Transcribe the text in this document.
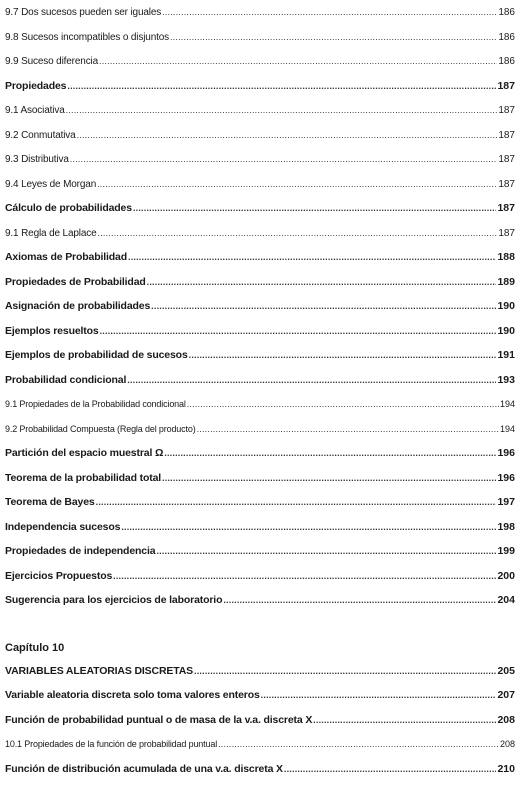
9.7 Dos sucesos pueden ser iguales .....	186
9.8 Sucesos incompatibles o disjuntos .....	186
9.9 Suceso diferencia .....	186
Propiedades .....	187
9.1 Asociativa .....	187
9.2 Conmutativa .....	187
9.3 Distributiva .....	187
9.4 Leyes de Morgan .....	187
Cálculo de probabilidades .....	187
9.1 Regla de Laplace .....	187
Axiomas de Probabilidad .....	188
Propiedades de Probabilidad .....	189
Asignación de probabilidades .....	190
Ejemplos resueltos .....	190
Ejemplos de probabilidad de sucesos .....	191
Probabilidad condicional .....	193
9.1 Propiedades de la Probabilidad condicional .....	194
9.2 Probabilidad Compuesta (Regla del producto) .....	194
Partición del espacio muestral Ω .....	196
Teorema de la probabilidad total .....	196
Teorema de Bayes .....	197
Independencia sucesos .....	198
Propiedades de independencia .....	199
Ejercicios Propuestos .....	200
Sugerencia para los ejercicios de laboratorio .....	204
Capítulo 10
VARIABLES ALEATORIAS DISCRETAS .....	205
Variable aleatoria discreta solo toma valores enteros .....	207
Función de probabilidad puntual o de masa de la v.a. discreta X .....	208
10.1 Propiedades de la función de probabilidad puntual .....	208
Función de distribución acumulada de una v.a. discreta X .....	210
